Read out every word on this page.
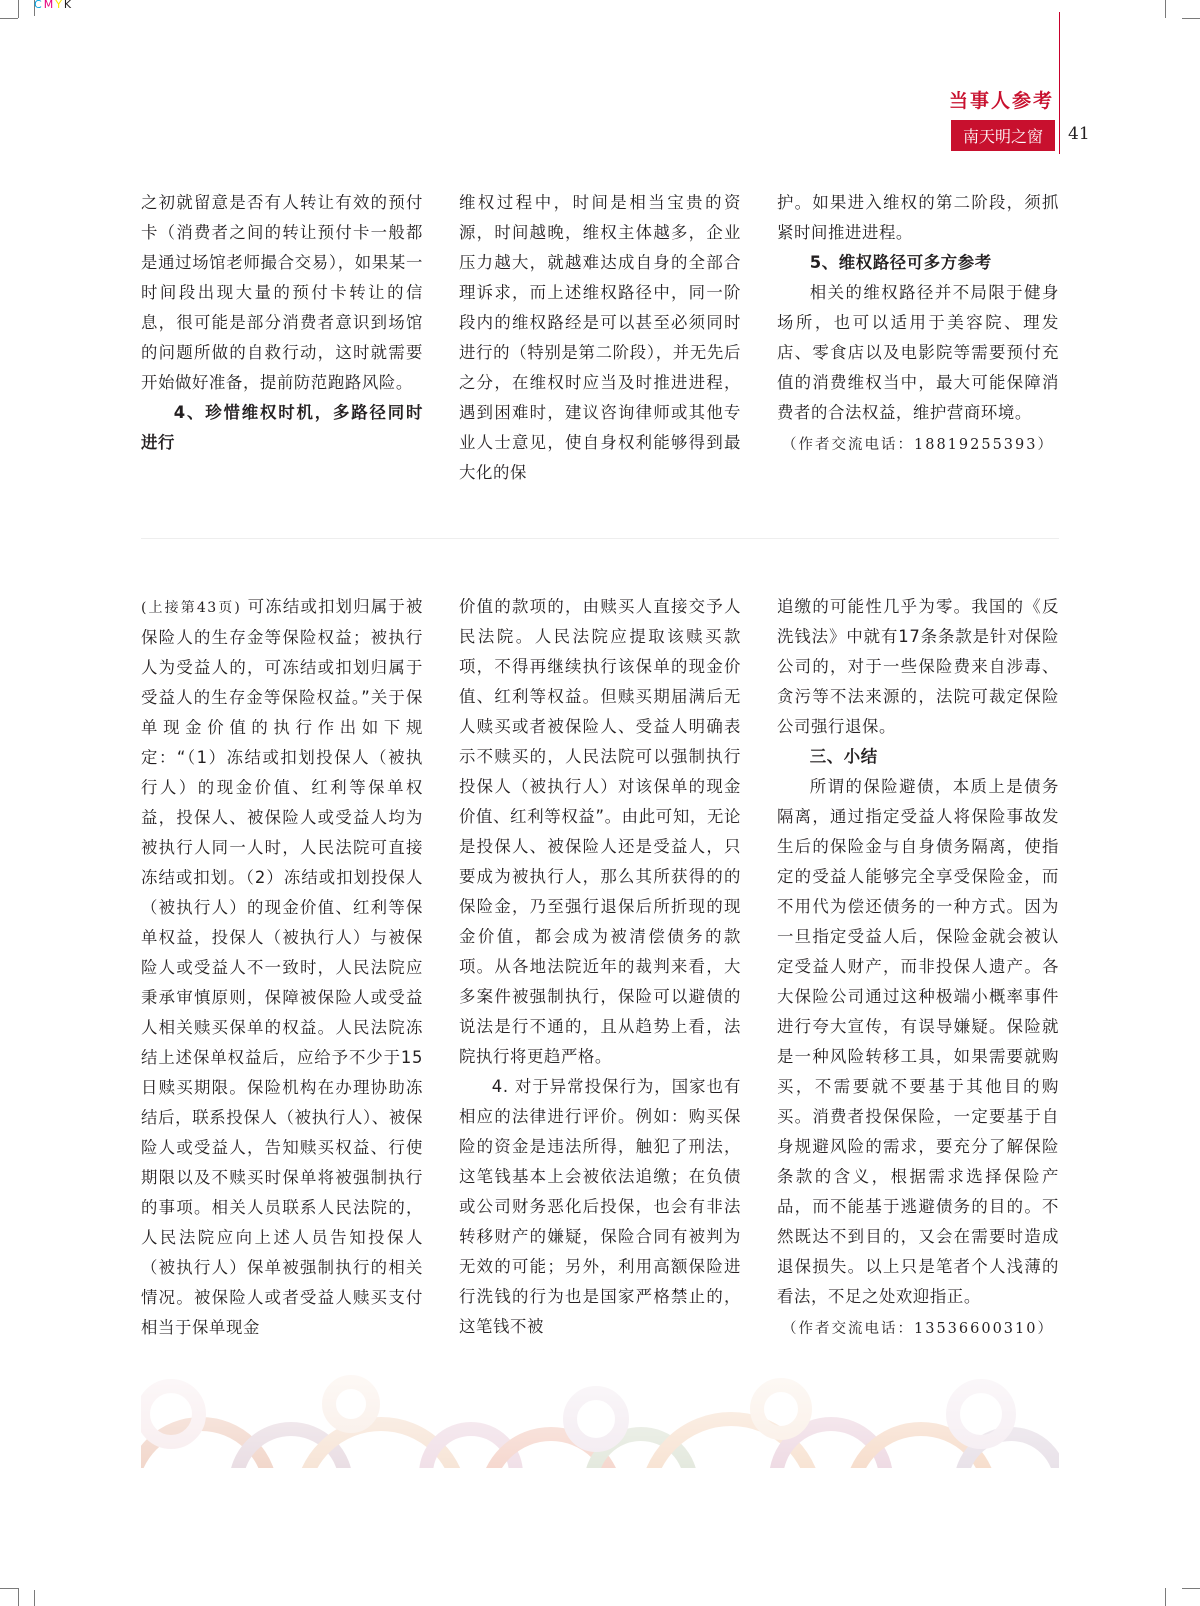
CMYK
当事人参考
南天明之窗	41

之初就留意是否有人转让有效的预付卡（消费者之间的转让预付卡一般都是通过场馆老师撮合交易），如果某一时间段出现大量的预付卡转让的信息，很可能是部分消费者意识到场馆的问题所做的自救行动，这时就需要开始做好准备，提前防范跑路风险。

4、珍惜维权时机，多路径同时进行

维权过程中，时间是相当宝贵的资源，时间越晚，维权主体越多，企业压力越大，就越难达成自身的全部合理诉求，而上述维权路径中，同一阶段内的维权路经是可以甚至必须同时进行的（特别是第二阶段），并无先后之分，在维权时应当及时推进进程，遇到困难时，建议咨询律师或其他专业人士意见，使自身权利能够得到最大化的保

护。如果进入维权的第二阶段，须抓紧时间推进进程。

5、维权路径可多方参考

相关的维权路径并不局限于健身场所，也可以适用于美容院、理发店、零食店以及电影院等需要预付充值的消费维权当中，最大可能保障消费者的合法权益，维护营商环境。

（作者交流电话：18819255393）

(上接第43页) 可冻结或扣划归属于被保险人的生存金等保险权益；被执行人为受益人的，可冻结或扣划归属于受益人的生存金等保险权益。”关于保单现金价值的执行作出如下规定：“（1）冻结或扣划投保人（被执行人）的现金价值、红利等保单权益，投保人、被保险人或受益人均为被执行人同一人时，人民法院可直接冻结或扣划。（2）冻结或扣划投保人（被执行人）的现金价值、红利等保单权益，投保人（被执行人）与被保险人或受益人不一致时，人民法院应秉承审慎原则，保障被保险人或受益人相关赎买保单的权益。人民法院冻结上述保单权益后，应给予不少于15日赎买期限。保险机构在办理协助冻结后，联系投保人（被执行人）、被保险人或受益人，告知赎买权益、行使期限以及不赎买时保单将被强制执行的事项。相关人员联系人民法院的，人民法院应向上述人员告知投保人（被执行人）保单被强制执行的相关情况。被保险人或者受益人赎买支付相当于保单现金

价值的款项的，由赎买人直接交予人民法院。人民法院应提取该赎买款项，不得再继续执行该保单的现金价值、红利等权益。但赎买期届满后无人赎买或者被保险人、受益人明确表示不赎买的，人民法院可以强制执行投保人（被执行人）对该保单的现金价值、红利等权益”。由此可知，无论是投保人、被保险人还是受益人，只要成为被执行人，那么其所获得的的保险金，乃至强行退保后所折现的现金价值，都会成为被清偿债务的款项。从各地法院近年的裁判来看，大多案件被强制执行，保险可以避债的说法是行不通的，且从趋势上看，法院执行将更趋严格。

4. 对于异常投保行为，国家也有相应的法律进行评价。例如：购买保险的资金是违法所得，触犯了刑法，这笔钱基本上会被依法追缴；在负债或公司财务恶化后投保，也会有非法转移财产的嫌疑，保险合同有被判为无效的可能；另外，利用高额保险进行洗钱的行为也是国家严格禁止的，这笔钱不被

追缴的可能性几乎为零。我国的《反洗钱法》中就有17条条款是针对保险公司的，对于一些保险费来自涉毒、贪污等不法来源的，法院可裁定保险公司强行退保。

三、小结

所谓的保险避债，本质上是债务隔离，通过指定受益人将保险事故发生后的保险金与自身债务隔离，使指定的受益人能够完全享受保险金，而不用代为偿还债务的一种方式。因为一旦指定受益人后，保险金就会被认定受益人财产，而非投保人遗产。各大保险公司通过这种极端小概率事件进行夸大宣传，有误导嫌疑。保险就是一种风险转移工具，如果需要就购买，不需要就不要基于其他目的购买。消费者投保保险，一定要基于自身规避风险的需求，要充分了解保险条款的含义，根据需求选择保险产品，而不能基于逃避债务的目的。不然既达不到目的，又会在需要时造成退保损失。以上只是笔者个人浅薄的看法，不足之处欢迎指正。

（作者交流电话：13536600310）
